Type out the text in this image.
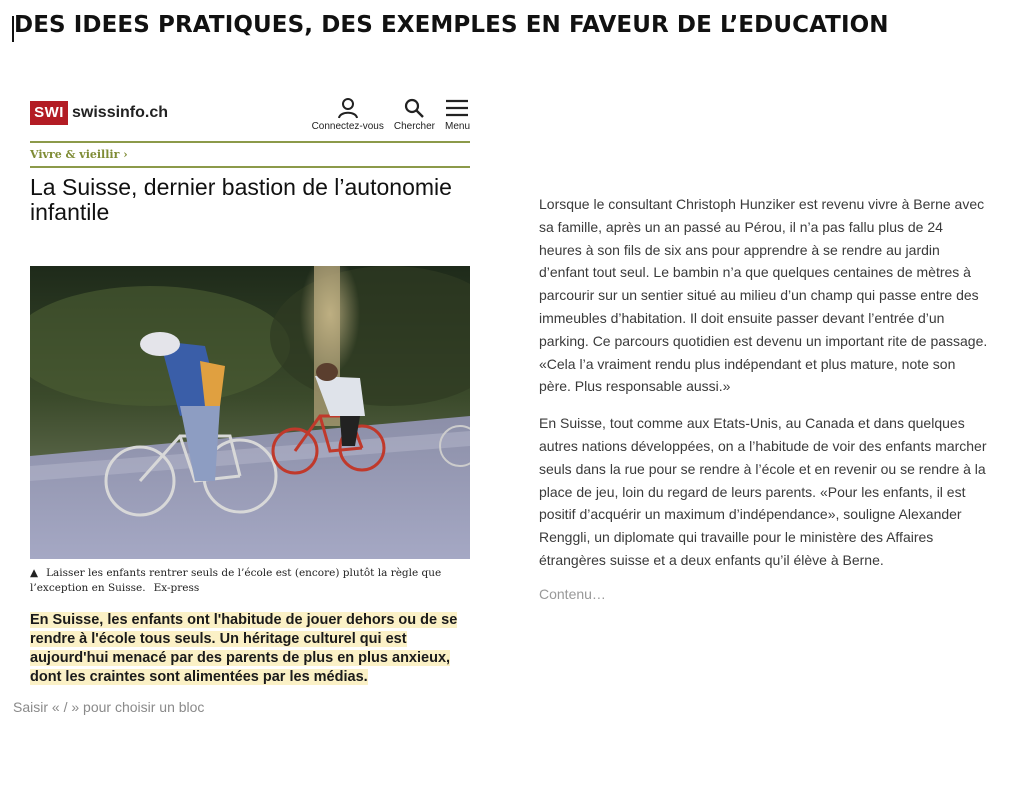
DES IDEES PRATIQUES, DES EXEMPLES EN FAVEUR DE L’EDUCATION
SWI swissinfo.ch
Connectez-vous Chercher Menu
Vivre & vieillir ›
La Suisse, dernier bastion de l’autonomie infantile
▲ Laisser les enfants rentrer seuls de l’école est (encore) plutôt la règle que l’exception en Suisse. Ex-press
En Suisse, les enfants ont l'habitude de jouer dehors ou de se rendre à l'école tous seuls. Un héritage culturel qui est aujourd'hui menacé par des parents de plus en plus anxieux, dont les craintes sont alimentées par les médias.
Saisir « / » pour choisir un bloc

Lorsque le consultant Christoph Hunziker est revenu vivre à Berne avec sa famille, après un an passé au Pérou, il n’a pas fallu plus de 24 heures à son fils de six ans pour apprendre à se rendre au jardin d’enfant tout seul. Le bambin n’a que quelques centaines de mètres à parcourir sur un sentier situé au milieu d’un champ qui passe entre des immeubles d’habitation. Il doit ensuite passer devant l’entrée d’un parking. Ce parcours quotidien est devenu un important rite de passage. «Cela l’a vraiment rendu plus indépendant et plus mature, note son père. Plus responsable aussi.»

En Suisse, tout comme aux Etats-Unis, au Canada et dans quelques autres nations développées, on a l’habitude de voir des enfants marcher seuls dans la rue pour se rendre à l’école et en revenir ou se rendre à la place de jeu, loin du regard de leurs parents. «Pour les enfants, il est positif d’acquérir un maximum d’indépendance», souligne Alexander Renggli, un diplomate qui travaille pour le ministère des Affaires étrangères suisse et a deux enfants qu’il élève à Berne.

Contenu…
